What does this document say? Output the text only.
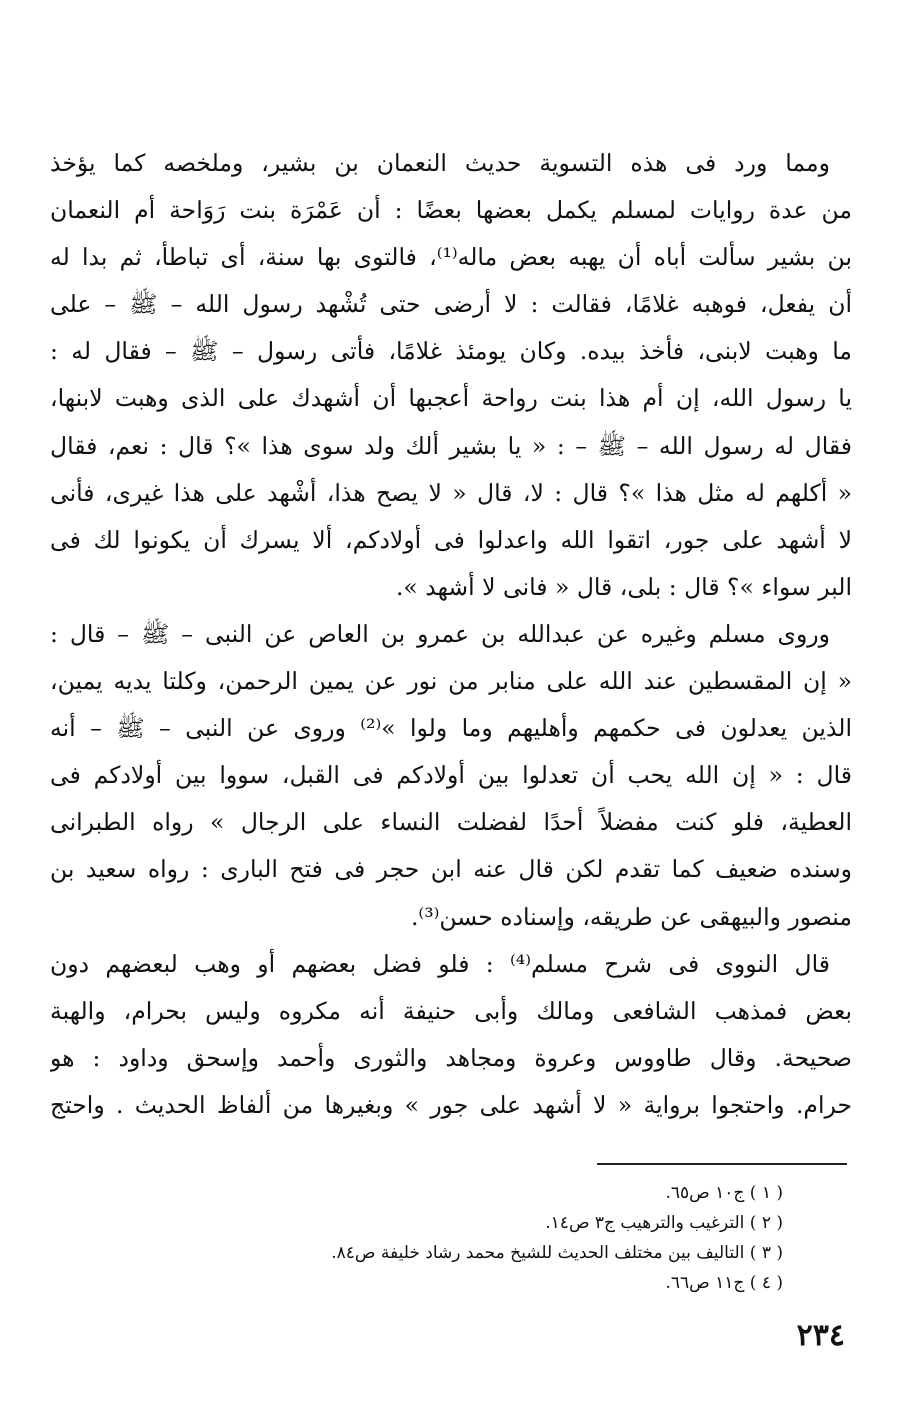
ومما ورد فى هذه التسوية حديث النعمان بن بشير، وملخصه كما يؤخذ
من عدة روايات لمسلم يكمل بعضها بعضًا : أن عَمْرَة بنت رَوَاحة أم النعمان
بن بشير سألت أباه أن يهبه بعض ماله⁽¹⁾، فالتوى بها سنة، أى تباطأ، ثم بدا له
أن يفعل، فوهبه غلامًا، فقالت : لا أرضى حتى تُشْهد رسول الله – ﷺ – على
ما وهبت لابنى، فأخذ بيده. وكان يومئذ غلامًا، فأتى رسول – ﷺ – فقال له :
يا رسول الله، إن أم هذا بنت رواحة أعجبها أن أشهدك على الذى وهبت لابنها،
فقال له رسول الله – ﷺ – : « يا بشير ألك ولد سوى هذا »؟ قال : نعم، فقال
« أكلهم له مثل هذا »؟ قال : لا، قال « لا يصح هذا، أشْهد على هذا غيرى، فأنى
لا أشهد على جور، اتقوا الله واعدلوا فى أولادكم، ألا يسرك أن يكونوا لك فى
البر سواء »؟ قال : بلى، قال « فانى لا أشهد ».
وروى مسلم وغيره عن عبدالله بن عمرو بن العاص عن النبى – ﷺ – قال :
« إن المقسطين عند الله على منابر من نور عن يمين الرحمن، وكلتا يديه يمين،
الذين يعدلون فى حكمهم وأهليهم وما ولوا »⁽²⁾ وروى عن النبى – ﷺ – أنه
قال : « إن الله يحب أن تعدلوا بين أولادكم فى القبل، سووا بين أولادكم فى
العطية، فلو كنت مفضلاً أحدًا لفضلت النساء على الرجال » رواه الطبرانى
وسنده ضعيف كما تقدم لكن قال عنه ابن حجر فى فتح البارى : رواه سعيد بن
منصور والبيهقى عن طريقه، وإسناده حسن⁽³⁾.
قال النووى فى شرح مسلم⁽⁴⁾ : فلو فضل بعضهم أو وهب لبعضهم دون
بعض فمذهب الشافعى ومالك وأبى حنيفة أنه مكروه وليس بحرام، والهبة
صحيحة. وقال طاووس وعروة ومجاهد والثورى وأحمد وإسحق وداود : هو
حرام. واحتجوا برواية « لا أشهد على جور » وبغيرها من ألفاظ الحديث . واحتج
( ١ ) ج١٠ ص٦٥.
( ٢ ) الترغيب والترهيب ج٣ ص١٤.
( ٣ ) التاليف بين مختلف الحديث للشيخ محمد رشاد خليفة ص٨٤.
( ٤ ) ج١١ ص٦٦.
٢٣٤
